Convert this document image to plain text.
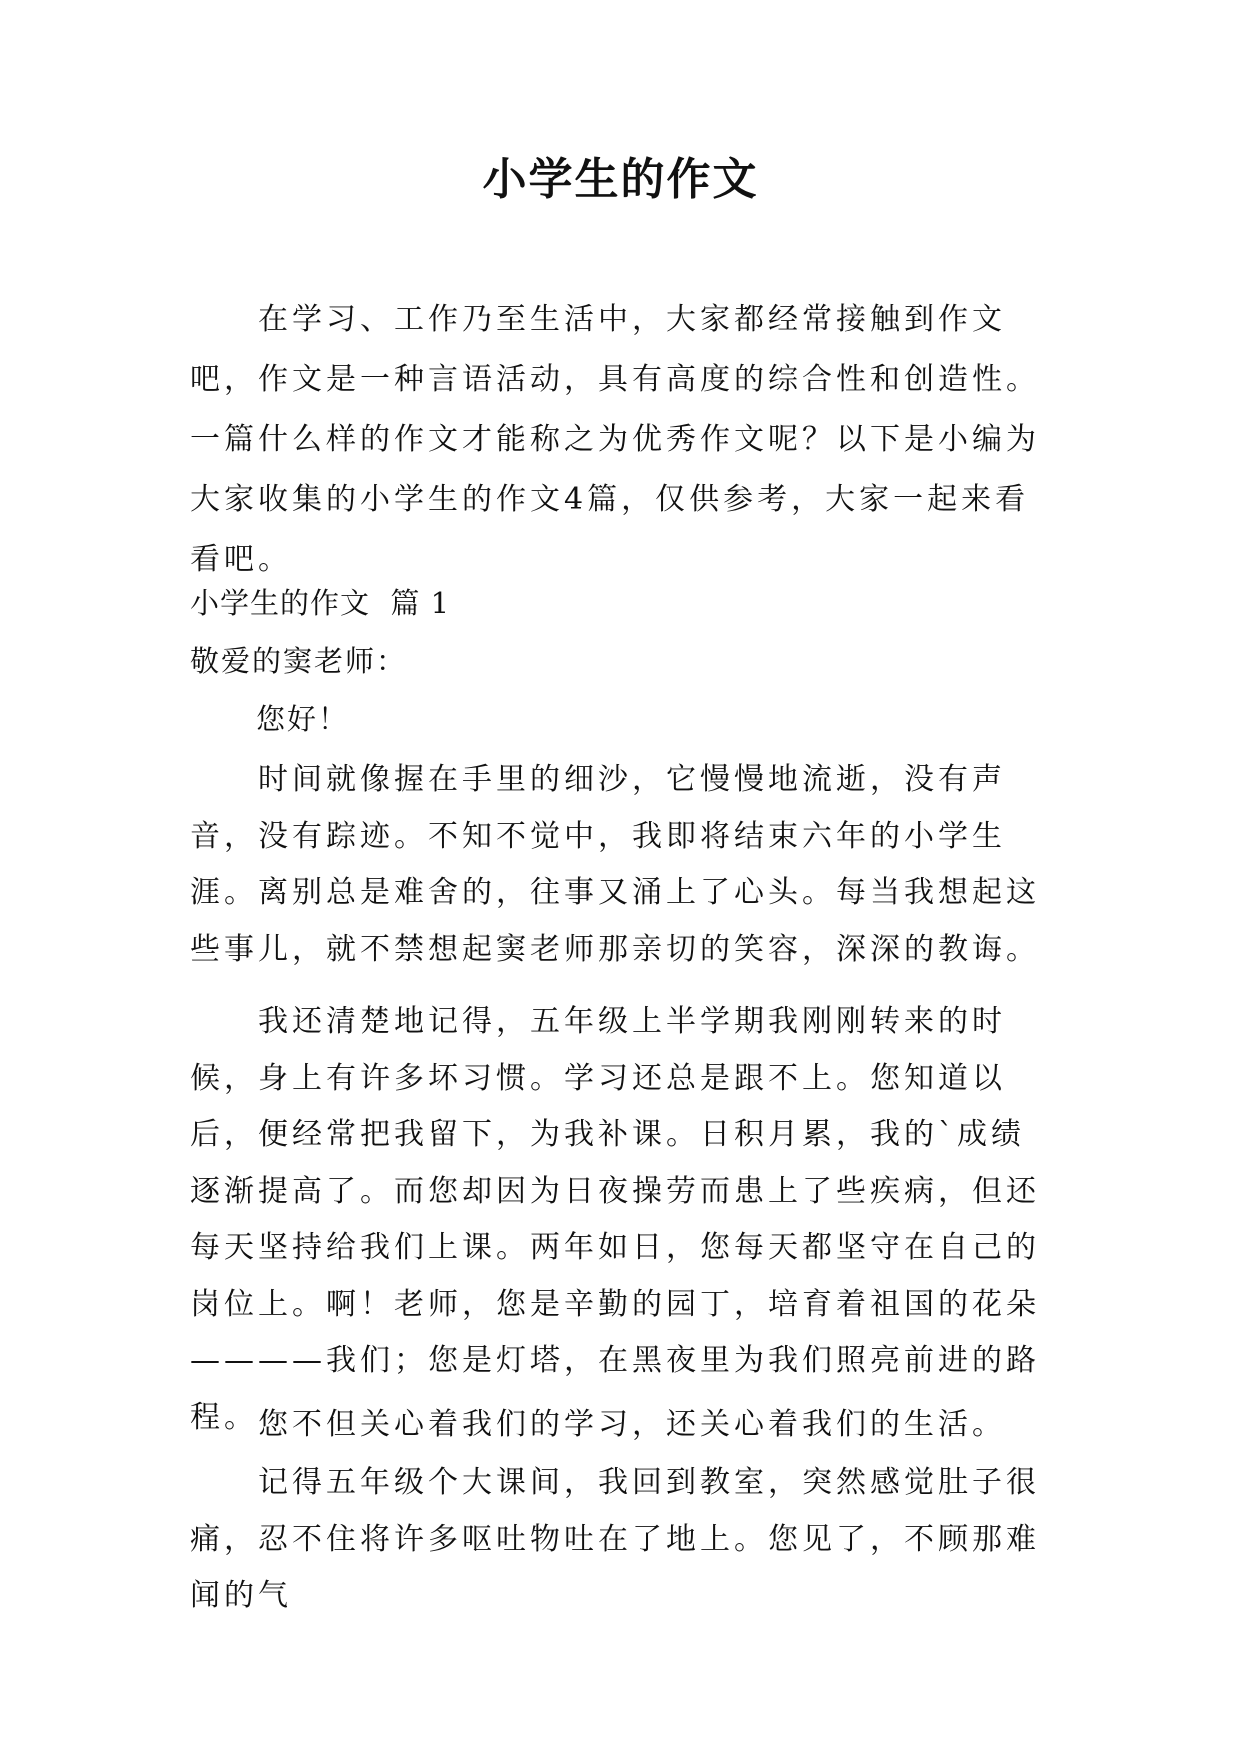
小学生的作文

在学习、工作乃至生活中，大家都经常接触到作文吧，作文是一种言语活动，具有高度的综合性和创造性。一篇什么样的作文才能称之为优秀作文呢？以下是小编为大家收集的小学生的作文4篇，仅供参考，大家一起来看看吧。

小学生的作文  篇 1

敬爱的窦老师：

您好！

时间就像握在手里的细沙，它慢慢地流逝，没有声音，没有踪迹。不知不觉中，我即将结束六年的小学生涯。离别总是难舍的，往事又涌上了心头。每当我想起这些事儿，就不禁想起窦老师那亲切的笑容，深深的教诲。

我还清楚地记得，五年级上半学期我刚刚转来的时候，身上有许多坏习惯。学习还总是跟不上。您知道以后，便经常把我留下，为我补课。日积月累，我的`成绩逐渐提高了。而您却因为日夜操劳而患上了些疾病，但还每天坚持给我们上课。两年如日，您每天都坚守在自己的岗位上。啊！老师，您是辛勤的园丁，培育着祖国的花朵————我们；您是灯塔，在黑夜里为我们照亮前进的路程。 您不但关心着我们的学习，还关心着我们的生活。

记得五年级个大课间，我回到教室，突然感觉肚子很痛，忍不住将许多呕吐物吐在了地上。您见了，不顾那难闻的气
